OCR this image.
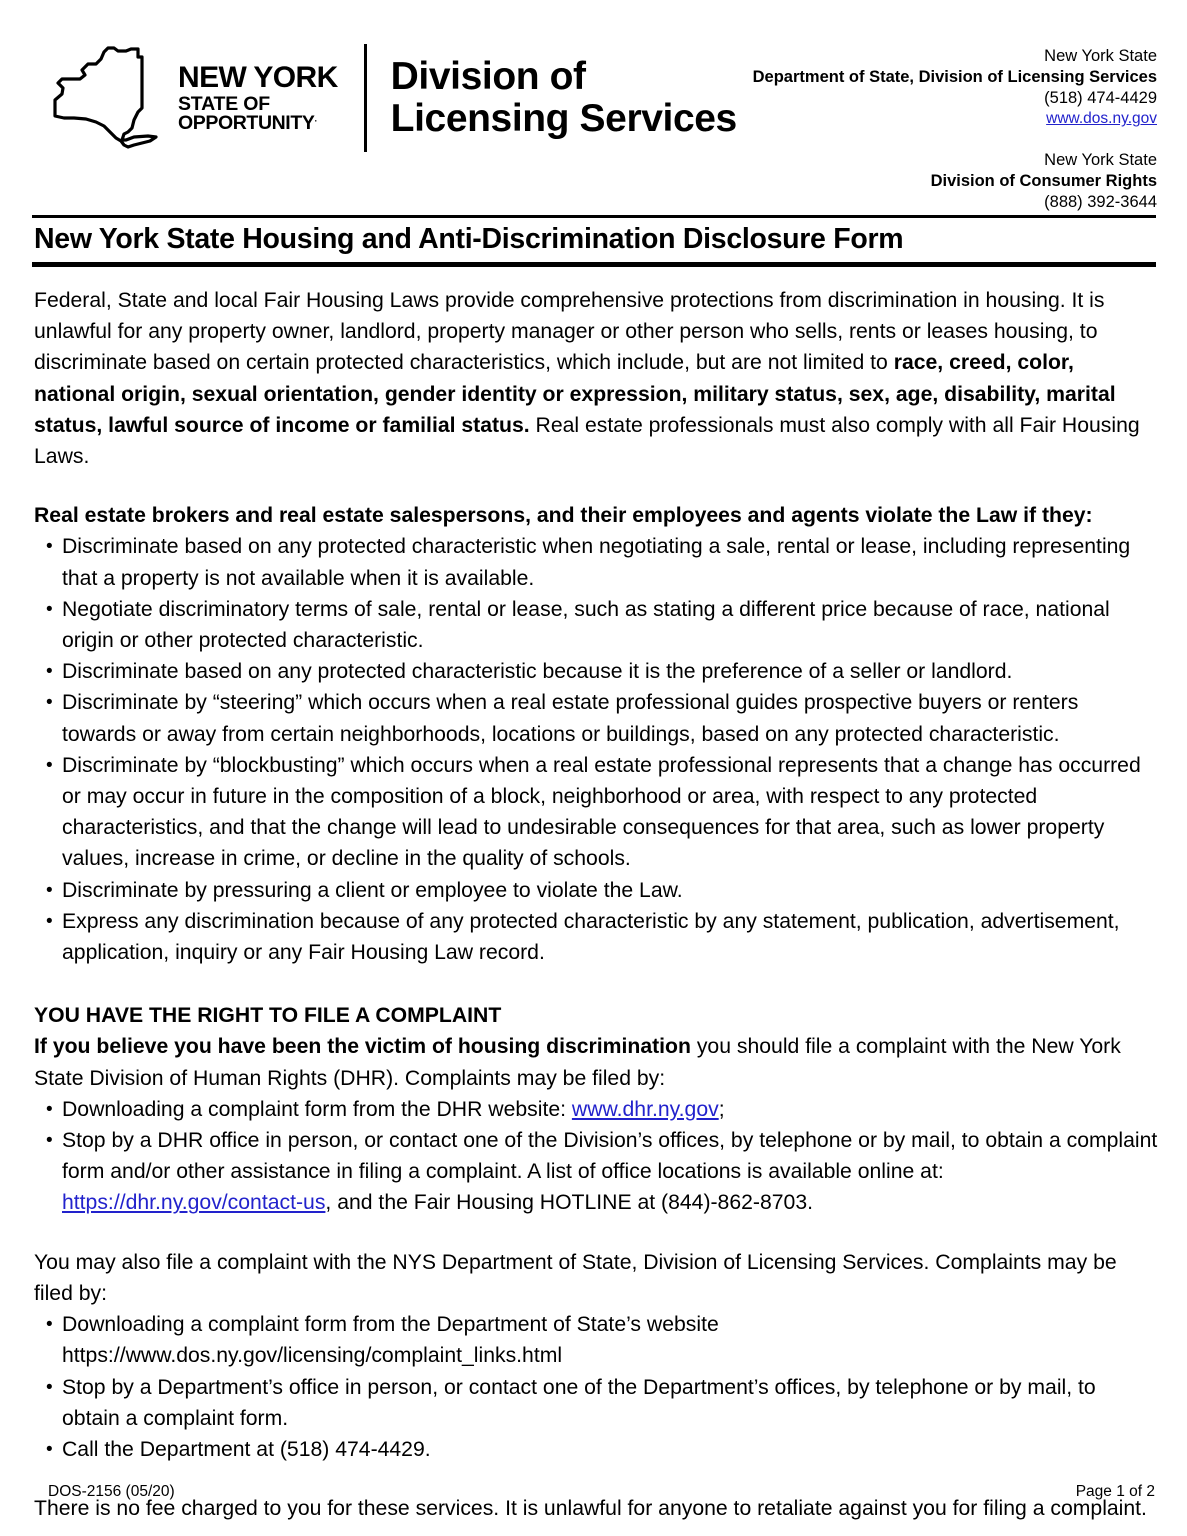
NEW YORK
STATE OF
OPPORTUNITY.
Division of
Licensing Services
New York State
Department of State, Division of Licensing Services
(518) 474-4429
www.dos.ny.gov
New York State
Division of Consumer Rights
(888) 392-3644
New York State Housing and Anti-Discrimination Disclosure Form

Federal, State and local Fair Housing Laws provide comprehensive protections from discrimination in housing. It is unlawful for any property owner, landlord, property manager or other person who sells, rents or leases housing, to discriminate based on certain protected characteristics, which include, but are not limited to race, creed, color, national origin, sexual orientation, gender identity or expression, military status, sex, age, disability, marital status, lawful source of income or familial status. Real estate professionals must also comply with all Fair Housing Laws.

Real estate brokers and real estate salespersons, and their employees and agents violate the Law if they:

• Discriminate based on any protected characteristic when negotiating a sale, rental or lease, including representing that a property is not available when it is available.
• Negotiate discriminatory terms of sale, rental or lease, such as stating a different price because of race, national origin or other protected characteristic.
• Discriminate based on any protected characteristic because it is the preference of a seller or landlord.
• Discriminate by “steering” which occurs when a real estate professional guides prospective buyers or renters towards or away from certain neighborhoods, locations or buildings, based on any protected characteristic.
• Discriminate by “blockbusting” which occurs when a real estate professional represents that a change has occurred or may occur in future in the composition of a block, neighborhood or area, with respect to any protected characteristics, and that the change will lead to undesirable consequences for that area, such as lower property values, increase in crime, or decline in the quality of schools.
• Discriminate by pressuring a client or employee to violate the Law.
• Express any discrimination because of any protected characteristic by any statement, publication, advertisement, application, inquiry or any Fair Housing Law record.

YOU HAVE THE RIGHT TO FILE A COMPLAINT

If you believe you have been the victim of housing discrimination you should file a complaint with the New York State Division of Human Rights (DHR). Complaints may be filed by:

• Downloading a complaint form from the DHR website: www.dhr.ny.gov;
• Stop by a DHR office in person, or contact one of the Division’s offices, by telephone or by mail, to obtain a complaint form and/or other assistance in filing a complaint. A list of office locations is available online at: https://dhr.ny.gov/contact-us, and the Fair Housing HOTLINE at (844)-862-8703.

You may also file a complaint with the NYS Department of State, Division of Licensing Services. Complaints may be filed by:

• Downloading a complaint form from the Department of State’s website
https://www.dos.ny.gov/licensing/complaint_links.html
• Stop by a Department’s office in person, or contact one of the Department’s offices, by telephone or by mail, to obtain a complaint form.
• Call the Department at (518) 474-4429.

There is no fee charged to you for these services. It is unlawful for anyone to retaliate against you for filing a complaint.

DOS-2156 (05/20)	Page 1 of 2
